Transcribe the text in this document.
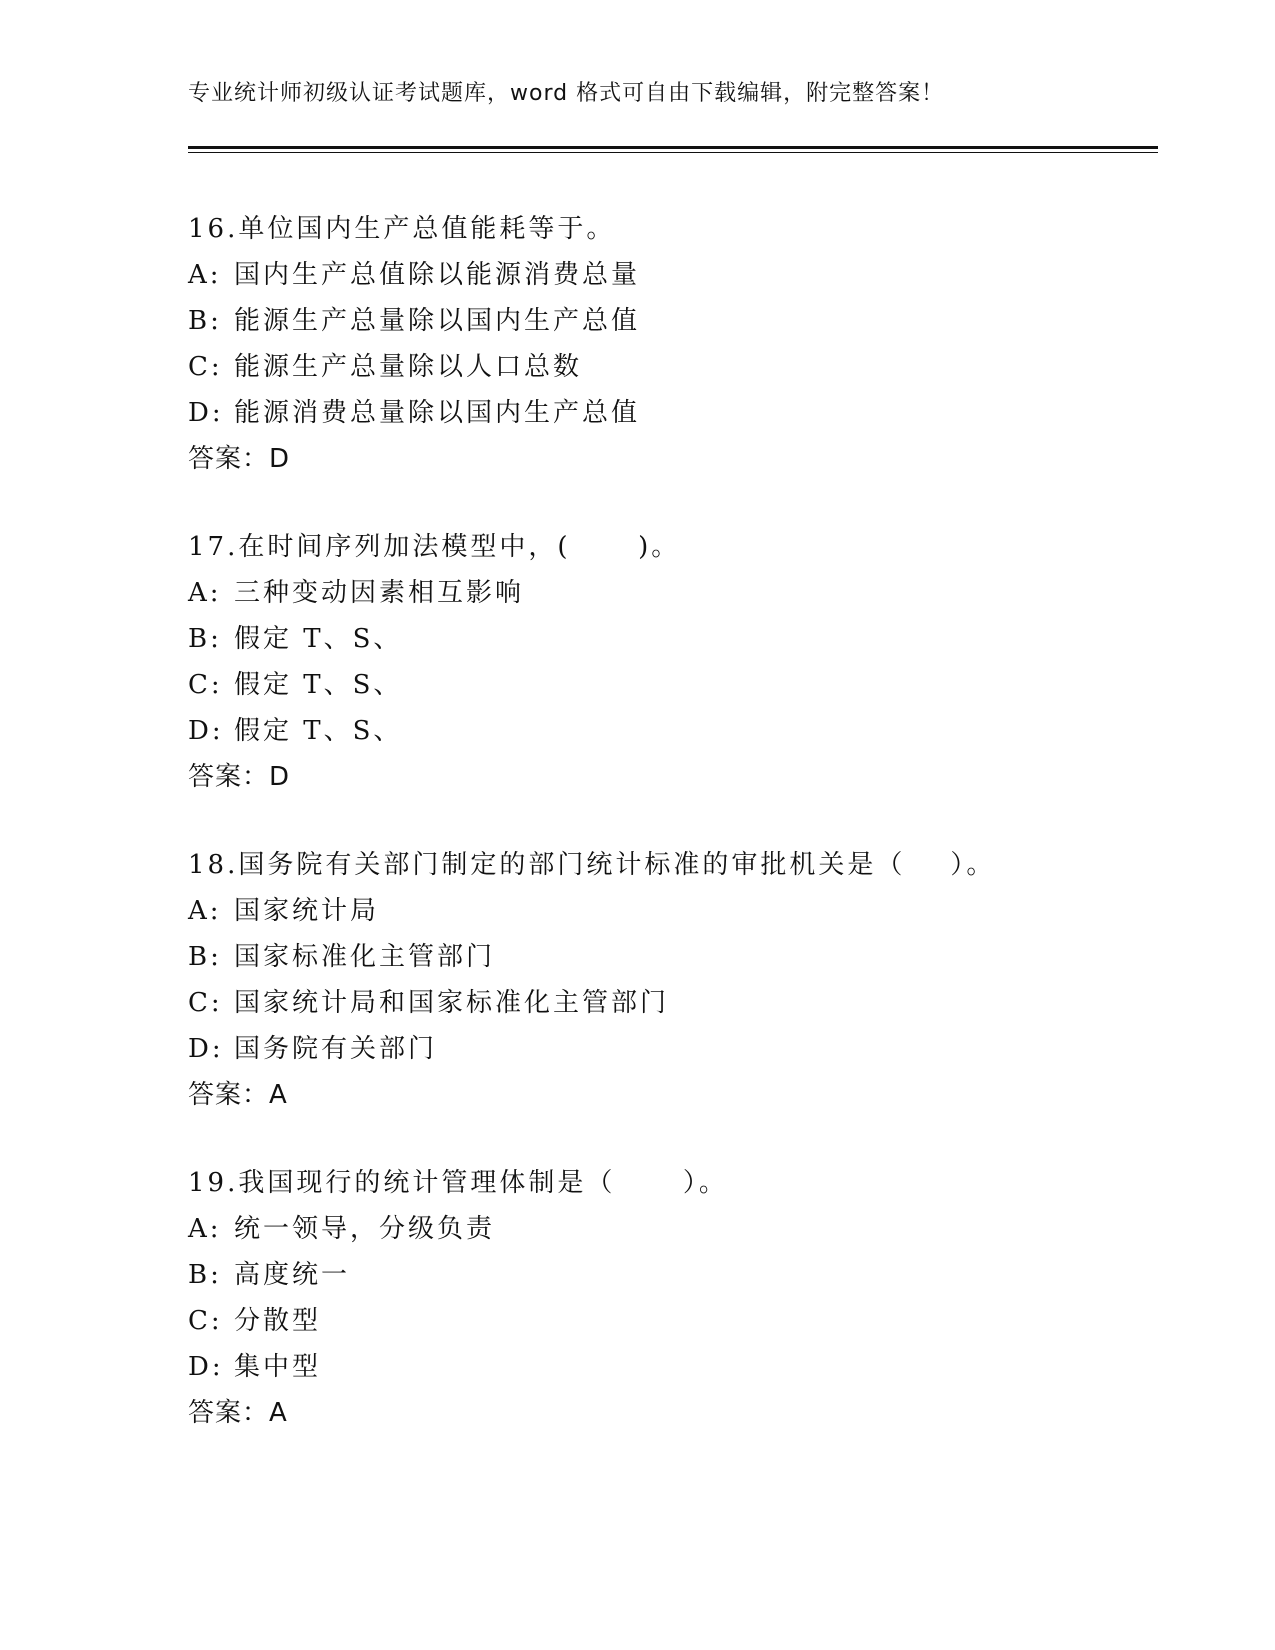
专业统计师初级认证考试题库，word 格式可自由下载编辑，附完整答案！
16.单位国内生产总值能耗等于。
A: 国内生产总值除以能源消费总量
B: 能源生产总量除以国内生产总值
C: 能源生产总量除以人口总数
D: 能源消费总量除以国内生产总值
答案：D
17.在时间序列加法模型中，(      )。
A: 三种变动因素相互影响
B: 假定 T、S、
C: 假定 T、S、
D: 假定 T、S、
答案：D
18.国务院有关部门制定的部门统计标准的审批机关是（    ）。
A: 国家统计局
B: 国家标准化主管部门
C: 国家统计局和国家标准化主管部门
D: 国务院有关部门
答案：A
19.我国现行的统计管理体制是（      ）。
A: 统一领导，分级负责
B: 高度统一
C: 分散型
D: 集中型
答案：A
